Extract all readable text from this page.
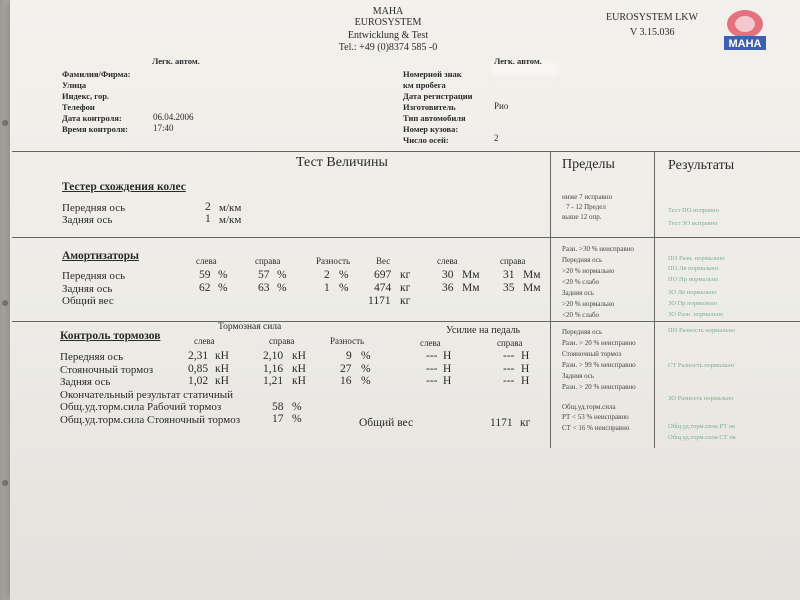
MAHA
EUROSYSTEM
Entwicklung & Test
Tel.: +49 (0)8374 585 -0
EUROSYSTEM LKW
V 3.15.036
MAHA
Легк. автом.	Легк. автом.
Фамилия/Фирма:
Улица
Индекс, гор.
Телефон
Дата контроля:	06.04.2006
Время контроля:	17:40
Номерной знак
км пробега
Дата регистрации
Изготовитель	Рио
Тип автомобиля
Номер кузова:
Число осей:	2
Тест Величины	Пределы	Результаты
Тестер схождения колес
Передняя ось	2 м/км
Задняя ось	1 м/км
ниже 7 исправно
7 - 12 Предел
выше 12 опр.
Тест ПО исправно
Тест ЗО исправно
Амортизаторы	слева	справа	Разность	Вес	слева	справа
Передняя ось	59 %	57 %	2 % 697 кг	30 Мм 31 Мм
Задняя ось	62 %	63 %	1 % 474 кг	36 Мм 35 Мм
Общий вес	1171 кг
Разн. >30 % неисправно
Передняя ось
>20 % нормально
<20 % слабо
Задняя ось
>20 % нормально
<20 % слабо
ПО Разн. нормально
ПО Лв нормально
ПО Пр нормально
ЗО Лв нормально
ЗО Пр нормально
ЗО Разн. нормально
Контроль тормозов
Тормозная сила	Усилие на педаль
слева	справа	Разность	слева	справа
Передняя ось	2,31 кН	2,10 кН	9 %	--- Н	--- Н
Стояночный тормоз	0,85 кН	1,16 кН	27 %	--- Н	--- Н
Задняя ось	1,02 кН	1,21 кН	16 %	--- Н	--- Н
Окончательный результат статичный
Общ.уд.торм.сила Рабочий тормоз	58 %
Общ.уд.торм.сила Стояночный тормоз	17 %	Общий вес	1171 кг
Передняя ось
Разн. > 20 % неисправно
Стояночный тормоз
Разн. > 99 % неисправно
Задняя ось
Разн. > 20 % неисправно
Общ.уд.торм.сила
РТ < 53 % неисправно
СТ < 16 % неисправно
ПО Разность нормально
СТ Разность нормально
ЗО Разность нормально
Общ.уд.торм.сила РТ ок
Общ.уд.торм.сила СТ ок
